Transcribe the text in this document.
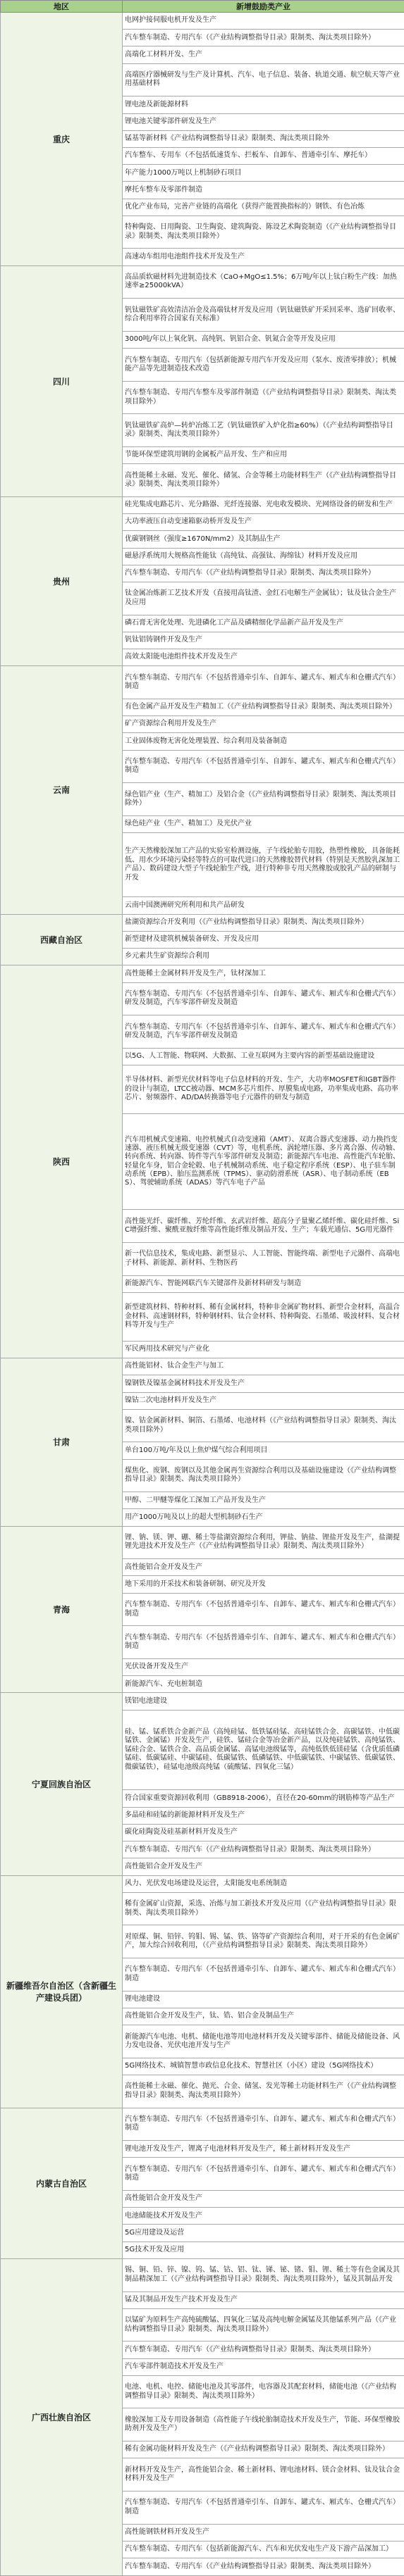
地区	新增鼓励类产业
重庆	电网护接伺服电机开发及生产
	汽车整车制造、专用汽车（《产业结构调整指导目录》限制类、淘汰类项目除外）
	高端化工材料开发、生产
	高端医疗器械研发与生产及计算机、汽车、电子信息、装备、轨道交通、航空航天等产业用基础材料
	锂电池及新能源材料
	锂电池关键零部件研发及生产
	锰基等新材料《产业结构调整指导目录》限制类、淘汰类项目除外
	汽车整车、专用车（不包括低速货车、拦板车、自卸车、普通牵引车、摩托车）
	年产能力1000万吨以上机制砂石项目
	摩托车整车及零部件制造
	优化产业布局，完善产业链的高端化（获得产能置换指标的）钢铁、有色冶炼
	特种陶瓷、日用陶瓷、卫生陶瓷、建筑陶瓷、陈设艺术陶瓷制造（《产业结构调整指导目录》限制类、淘汰类项目除外）
	高速动车组用电池组件技术开发及生产
四川	高品质软磁材料先进制造技术（CaO+MgO≤1.5%；6万吨/年以上钛白粉生产线：加热速率≥25000kVA）
	钒钛磁铁矿高效清洁冶金及高端钛材开发及应用（钒钛磁铁矿开采回采率、选矿回收率、综合利用率符合国家有关标准）
	3000吨/年以上氧化钒、高纯钒、钒铝合金、钒氮合金等开发及应用
	汽车整车制造、专用汽车（包括新能源专用汽车开发及应用（泵水、废渣零排放）；机械能产品等先进制造技术改造
	汽车整车制造、专用汽车整车及零部件制造（《产业结构调整指导目录》限制类、淘汰类项目除外）
	钒钛磁铁矿高炉—转炉冶炼工艺（钒钛磁铁矿入炉化指≥60%）（《产业结构调整指导目录》限制类、淘汰类项目除外）
	节能环保型建筑用钢的金属板产品开发、生产和应用
	高性能稀土永磁、发光、催化、储氢、合金等稀土功能材料生产（《产业结构调整指导目录》限制类、淘汰类项目除外）
贵州	硅光集成电路芯片、光分路器、光纤连接器、光电收发模块、光网络设备的研发和生产
	大功率液压自动变速箱驱动桥开发及生产
	优碳钢钢丝（强度≥1670N/mm2）及其制品生产
	磁悬浮系统用大规格高性能钛（高纯钛、高强钛、海绵钛）材料开发及应用
	汽车整车制造、专用汽车（《产业结构调整指导目录》限制类、淘汰类项目除外）
	钛金属冶炼新工艺技术开发（直接用高钛渣、金红石电解生产金属钛）；钛及钛合金生产及应用
	磷石膏无害化处理、先进磷化工产品及磷精细化学品新产品开发及生产
	钒钛铝铸钢件开发及生产
	高效太阳能电池组件技术开发及生产
云南	汽车整车制造、专用汽车（不包括普通牵引车、自卸车、罐式车、厢式车和仓栅式汽车）制造
	有色金属产品开发及生产精加工（《产业结构调整指导目录》限制类、淘汰类项目除外）
	矿产资源综合利用开发及生产
	工业固体废物无害化处理装置、综合利用及装备制造
	汽车整车制造、专用汽车（不包括普通牵引车、自卸车、罐式车、厢式车和仓栅式汽车）制造
	绿色铝产业（生产、精加工）及铝合金（《产业结构调整指导目录》限制类、淘汰类项目除外）
	绿色硅产业（生产、精加工）及光伏产业
	生产天然橡胶深加工产品的实验室检测设施，子午线轮胎专用胶，热塑性橡胶，具备能耗低、用水少环境污染轻等特点的可取代进口的天然橡胶替代材料（特别是天然胶乳深加工产品）、数码建设大型子午线轮胎生产线，进行特种非专用天然橡胶或胶乳产品的研制与开发
	云南中国澳洲研究所利用和共产品研发
西藏自治区	盐湖资源综合开发利用（《产业结构调整指导目录》限制类、淘汰类项目除外）
	新型建材及建筑机械装备研发、开发及应用
	乡元素共生矿资源综合利用
陕西	高性能稀土金属材料开发及生产，钛材深加工
	汽车整车制造、专用汽车（不包括普通牵引车、自卸车、罐式车、厢式车和仓栅式汽车）研发及制造，汽车零部件研发及制造
	汽车整车制造、专用汽车（不包括普通牵引车、自卸车、罐式车、厢式车和仓栅式汽车）研发及制造，汽车零部件研发及制造
	以5G、人工智能、物联网、大数据、工业互联网为主要内容的新型基础设施建设
	半导体材料、新型光伏材料等电子信息材料的开发、生产，大功率MOSFET和IGBT器件的设计与制造，LTCC被动器、MCM多芯片组件、厚膜集成电路，功率集成电路、高功率芯片、射频器件、AD/DA转换器等电子元器件的研发与制造
	汽车用机械式变速箱、电控机械式自动变速箱（AMT）、双离合器式变速器、动力换挡变速器、液压机械无级变速器（CVT）等，电机系统、涡轮增压器、多片离合器、传动轴、转向系统、转向器、铸件等汽车零部件研发及制造；新能源汽车电池、高性能汽车轮胎、轻量化车身，铝合金轮毂、电子机械制动系统、电子稳定程序系统（ESP）、电子驻车制动系统（EPB）、胎压监测系统（TPMS）、驱动防滑系统（ASR）、电子制动系统（EBS）、驾驶辅助系统（ADAS）等汽车电子产品
	高性能光纤、碳纤维、芳纶纤维、玄武岩纤维、超高分子量聚乙烯纤维、碳化硅纤维、SiC增强纤维、聚酰亚胺纤维等高性能纤维及制品开发、生产；车载光通信、5G用光器件
	新一代信息技术，集成电路、新型显示、人工智能、智能终端、新型电子元器件、高端电子材料、新能源、新材料、生物医药
	新能源汽车、智能网联汽车关键部件及新材料研发与制造
	新型建筑材料、特种材料、稀有金属材料，特种非金属矿物材料、新型合金材料，高温合金材料、高速钢材料，特种钢材料、钛合金材料、特种陶瓷、石墨烯、吸波材料、复合材料等开发与生产
	军民两用技术研究与产业化
甘肃	高性能铝材、钛合金生产与加工
	镍钢铁及镍基金属材料技术开发及生产
	镍钴二次电池材料开发及生产
	镍、钴金属新材料、铜箔、石墨烯、电池材料（《产业结构调整指导目录》限制类、淘汰类项目除外）
	单台100万吨/年及以上焦炉煤气综合利用项目
	煤焦化、废钢、废钢以及其他金属再生资源综合利用以及基础设施建设（《产业结构调整指导目录》限制类、淘汰类项目除外）
	甲醇、二甲醚等煤化工深加工产品开发及生产
	用产1000万吨及以上的超大型机制砂石生产
青海	锂、钠、镁、钾、硼、稀土等盐湖资源综合利用，钾盐、钠盐、锂盐开发及生产，盐湖提锂先进技术开发及生产（《产业结构调整指导目录》限制类、淘汰类项目除外）
	高性能铝合金开发及生产
	地下采用的开采技术和装备研制、研究及开发
	汽车整车制造、专用汽车（不包括普通牵引车、自卸车、罐式车、厢式车和仓栅式汽车）制造
	汽车整车制造、专用汽车（不包括普通牵引车、自卸车、罐式车、厢式车和仓栅式汽车）制造
	光伏设备开发及生产
	新能源汽车、充电桩制造
宁夏回族自治区	镁铝电池建设
	硅、锰、锰系铁合金新产品（高纯硅锰、低铁锰硅锰、高硅锰铁合金、高碳锰铁、中低碳锰铁、金属锰）开发及生产，硅铁、锰硅合金等冶金新产品，以及纯硅锰铁、高纯锰铁、锰硅合金、锰铁合金、高品质金属锰、高锰电池级锰等，高纯低铁低镁硅锰（含优质低磷锰硅、低碳锰硅、中碳锰硅、低碳锰铁、低磷锰铁、中低碳锰铁、中碳锰铁、低碳锰铁、微碳锰铁），硅锰电池级高纯锰（硫酸锰、四氧化三锰）
	符合国家重要资源回收利用（GB8918-2006），直径在20-60mm的钢筋棒等产品生产
	多晶硅和硅锰的新能源材料开发及生产
	碳化硅陶瓷及硅基新材料开发及生产
	汽车整车制造、专用汽车（《产业结构调整指导目录》限制类、淘汰类项目除外）
	高性能铝合金开发及生产
新疆维吾尔自治区（含新疆生产建设兵团）	风力、光伏发电场建设及运营，太阳能发电系统制造
	稀有金属矿山资源，采选、冶炼与加工新技术开发及应用（《产业结构调整指导目录》限制类、淘汰类项目除外）
	对原煤、铜、铅锌、钨钼、锡、锰、铁、铬等矿产资源综合利用，对于开采的有色金属矿产，加大综合回收利用，（《产业结构调整指导目录》限制类、淘汰类项目除外）
	汽车整车制造、专用汽车（不包括普通牵引车、自卸车、罐式车、厢式车和仓栅式汽车）制造
	锂电池建设
	高性能铝合金开发及生产，钛、锆、铝合金及制品生产
	新能源汽车电池、电机、储能电池等用电池材料开发及关键零部件、储能及储能设备、风力发电设备、光伏电池开发与生产
	5G网络技术、城镇智慧市政信息化技术、智慧社区（小区）建设（5G网络技术）
	高性能稀土永磁、催化、抛光、合金、储氢、发光等稀土功能材料生产（《产业结构调整指导目录》限制类、淘汰类项目除外）
内蒙古自治区	汽车整车制造、专用汽车（不包括普通牵引车、自卸车、罐式车、厢式车和仓栅式汽车）制造
	锂电池开发及生产，锂离子电池材料开发及生产，稀土新材料开发及生产
	汽车整车制造、专用汽车（不包括普通牵引车、自卸车、罐式车、厢式车和仓栅式汽车）制造
	高性能铝合金开发及生产
	电池储能技术开发及生产
	5G应用建设及运营
	5G技术开发及应用
广西壮族自治区	锡、铜、铅、锌、镍、钨、锰、钴、铝、钛、锑、铋、锗、钼、锂、稀土等有色金属及其制品精深加工（《产业结构调整指导目录》限制类、淘汰类项目除外），锰及其制品开发
	锰及其制品开发生产技术开发及生产
	以锰矿为原料生产高纯硫酸锰、四氧化三锰及高纯电解金属锰及其他锰系列产品（《产业结构调整指导目录》限制类、淘汰类项目除外）
	汽车整车制造、专用汽车（《产业结构调整指导目录》限制类、淘汰类项目除外）
	汽车零部件制造技术开发及生产
	电池、电机、电控、储能电池及其零部件，电容器及其配套材料，储能电池（《产业结构调整指导目录》限制类、淘汰类项目除外）
	橡胶深加工及专用设备制造（高性能子午线轮胎制造技术开发及生产，节能、环保型橡胶助剂开发及生产）
	稀有金属功能材料开发及生产（《产业结构调整指导目录》限制类、淘汰类项目除外）
	新材料开发及生产，高性能铝合金、稀土新材料、锂电池材料、镁合金材料、钛及钛合金材料开发及生产
	汽车整车制造、专用汽车（不包括普通牵引车、自卸车、罐式车、厢式车、仓栅式汽车）制造
	高性能钢铁材料开发及生产
	汽车整车制造、专用汽车（包括新能源汽车、汽车和光伏发电生产及下游产品深加工）
	汽车整车制造、专用汽车（《产业结构调整指导目录》限制类、淘汰类项目除外）
